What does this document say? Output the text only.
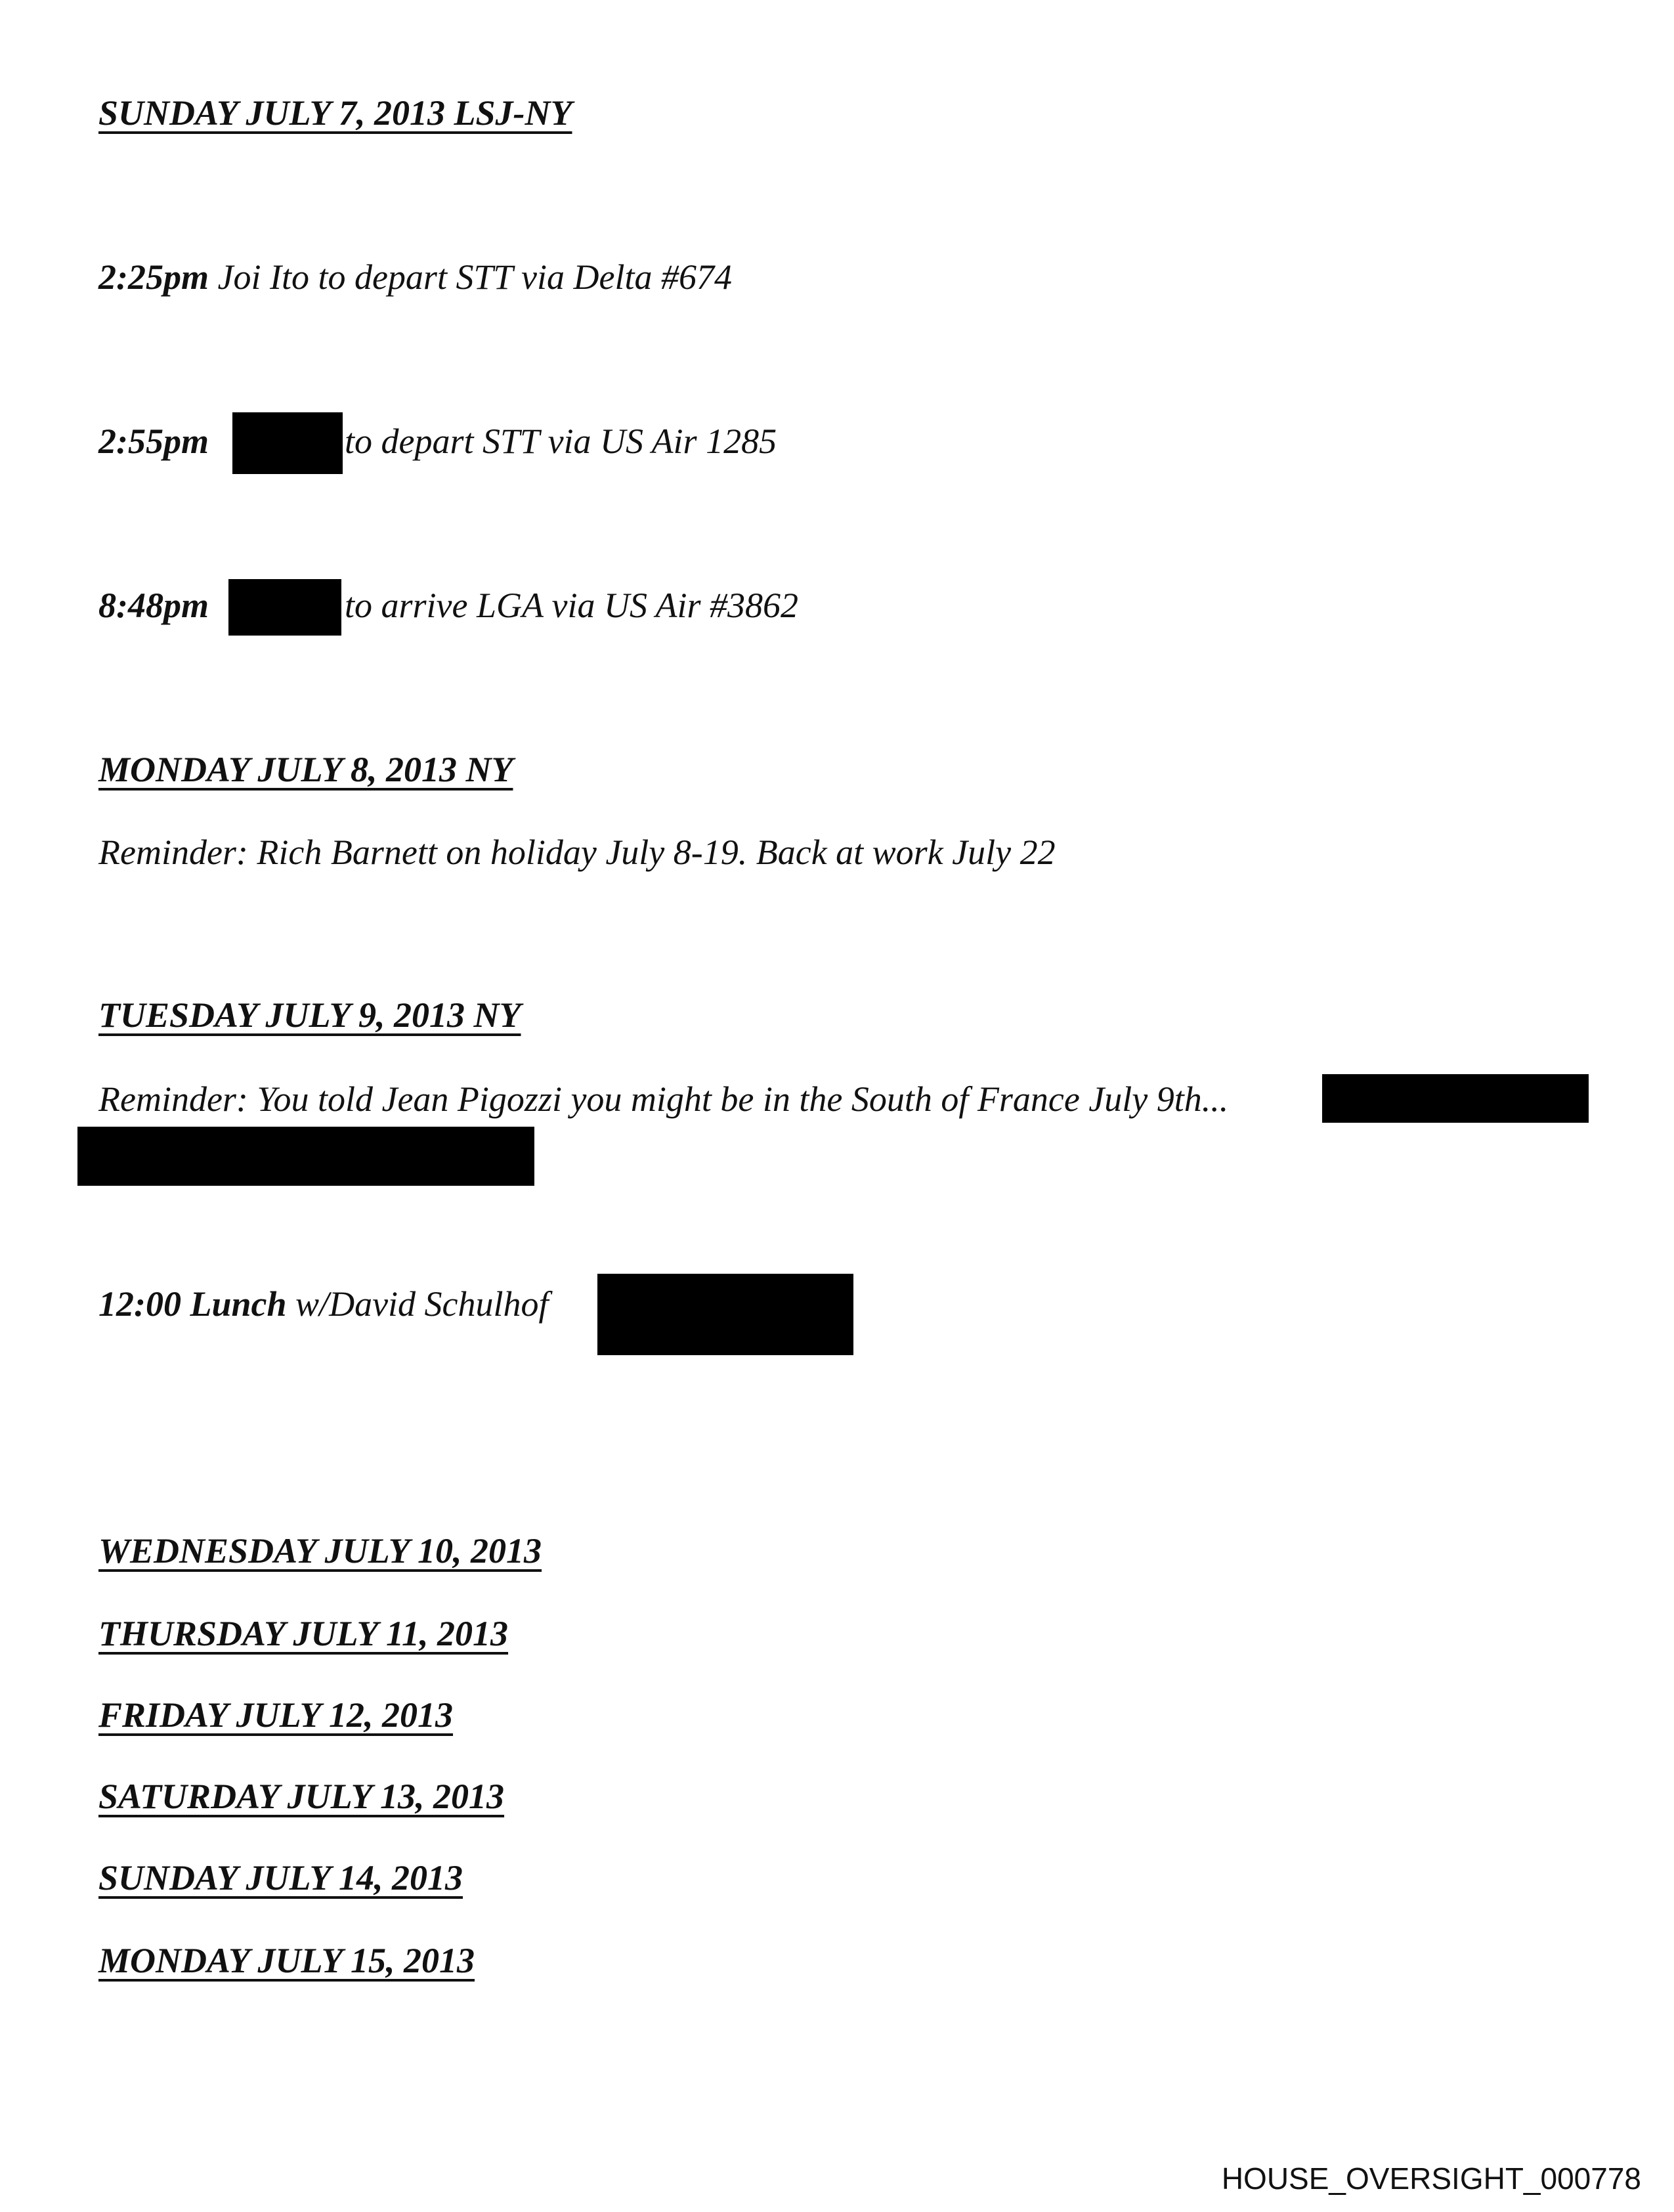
SUNDAY JULY 7, 2013 LSJ-NY
2:25pm Joi Ito to depart STT via Delta #674
2:55pm	to depart STT via US Air 1285
8:48pm	to arrive LGA via US Air #3862
MONDAY JULY 8, 2013 NY
Reminder: Rich Barnett on holiday July 8-19. Back at work July 22
TUESDAY JULY 9, 2013 NY
Reminder: You told Jean Pigozzi you might be in the South of France July 9th...
12:00 Lunch w/David Schulhof
WEDNESDAY JULY 10, 2013
THURSDAY JULY 11, 2013
FRIDAY JULY 12, 2013
SATURDAY JULY 13, 2013
SUNDAY JULY 14, 2013
MONDAY JULY 15, 2013
HOUSE_OVERSIGHT_000778
